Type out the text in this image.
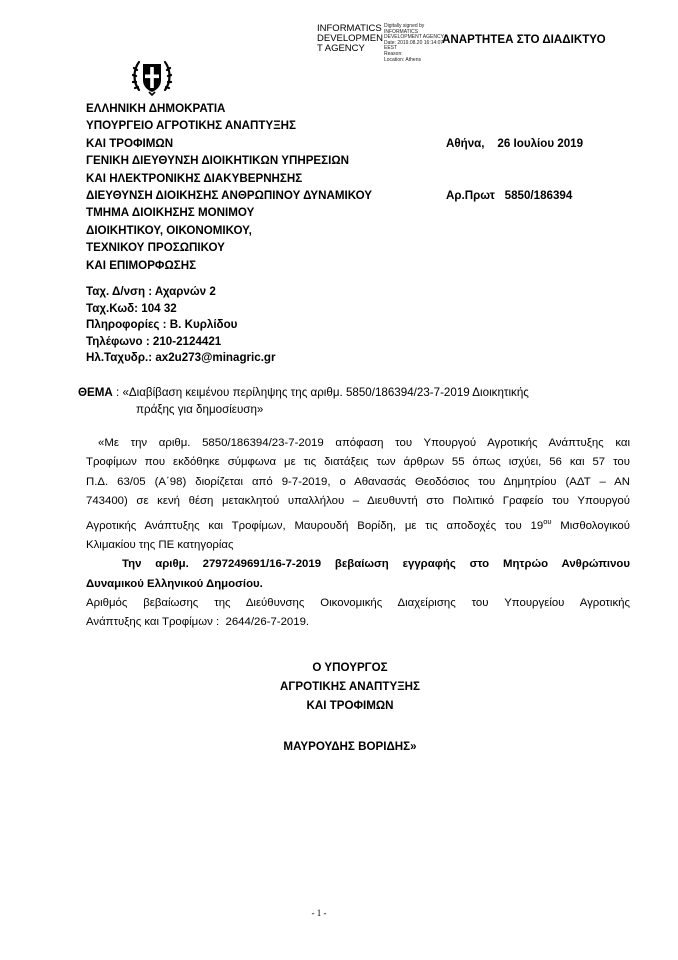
INFORMATICS
DEVELOPMEN
T AGENCY
Digitally signed by
INFORMATICS
DEVELOPMENT AGENCY
Date: 2019.08.20 16:14:07
EEST
Reason:
Location: Athens
ΑΝΑΡΤΗΤΕΑ ΣΤΟ ΔΙΑΔΙΚΤΥΟ
ΕΛΛΗΝΙΚΗ ΔΗΜΟΚΡΑΤΙΑ
ΥΠΟΥΡΓΕΙΟ ΑΓΡΟΤΙΚΗΣ ΑΝΑΠΤΥΞΗΣ
ΚΑΙ ΤΡΟΦΙΜΩΝ
ΓΕΝΙΚΗ ΔΙΕΥΘΥΝΣΗ ΔΙΟΙΚΗΤΙΚΩΝ ΥΠΗΡΕΣΙΩΝ
ΚΑΙ ΗΛΕΚΤΡΟΝΙΚΗΣ ΔΙΑΚΥΒΕΡΝΗΣΗΣ
ΔΙΕΥΘΥΝΣΗ ΔΙΟΙΚΗΣΗΣ ΑΝΘΡΩΠΙΝΟΥ ΔΥΝΑΜΙΚΟΥ
ΤΜΗΜΑ ΔΙΟΙΚΗΣΗΣ ΜΟΝΙΜΟΥ
ΔΙΟΙΚΗΤΙΚΟΥ, ΟΙΚΟΝΟΜΙΚΟΥ,
ΤΕΧΝΙΚΟΥ ΠΡΟΣΩΠΙΚΟΥ
ΚΑΙ ΕΠΙΜΟΡΦΩΣΗΣ

Αθήνα,    26 Ιουλίου 2019

Αρ.Πρωτ   5850/186394

Ταχ. Δ/νση : Αχαρνών 2
Ταχ.Κωδ: 104 32
Πληροφορίες : Β. Κυρλίδου
Τηλέφωνο : 210-2124421
Ηλ.Ταχυδρ.: ax2u273@minagric.gr
ΘΕΜΑ : «Διαβίβαση κειμένου περίληψης της αριθμ. 5850/186394/23-7-2019 Διοικητικής
πράξης για δημοσίευση»
«Με την αριθμ. 5850/186394/23-7-2019 απόφαση του Υπουργού Αγροτικής Ανάπτυξης και
Τροφίμων που εκδόθηκε σύμφωνα με τις διατάξεις των άρθρων 55 όπως ισχύει, 56 και 57 του
Π.Δ. 63/05 (Α΄98) διορίζεται από 9-7-2019, ο Αθανασάς Θεοδόσιος του Δημητρίου (ΑΔΤ – ΑΝ
743400) σε κενή θέση μετακλητού υπαλλήλου – Διευθυντή στο Πολιτικό Γραφείο του Υπουργού
Αγροτικής Ανάπτυξης και Τροφίμων, Μαυρουδή Βορίδη, με τις αποδοχές του $19^{o\upsilon}$ Μισθολογικού
Κλιμακίου της ΠΕ κατηγορίας
Την αριθμ. 2797249691/16-7-2019 βεβαίωση εγγραφής στο Μητρώο Ανθρώπινου
Δυναμικού Ελληνικού Δημοσίου.
Αριθμός βεβαίωσης της Διεύθυνσης Οικονομικής Διαχείρισης του Υπουργείου Αγροτικής
Ανάπτυξης και Τροφίμων :  2644/26-7-2019.
Ο ΥΠΟΥΡΓΟΣ
ΑΓΡΟΤΙΚΗΣ ΑΝΑΠΤΥΞΗΣ
ΚΑΙ ΤΡΟΦΙΜΩΝ
ΜΑΥΡΟΥΔΗΣ ΒΟΡΙΔΗΣ»
- 1 -
